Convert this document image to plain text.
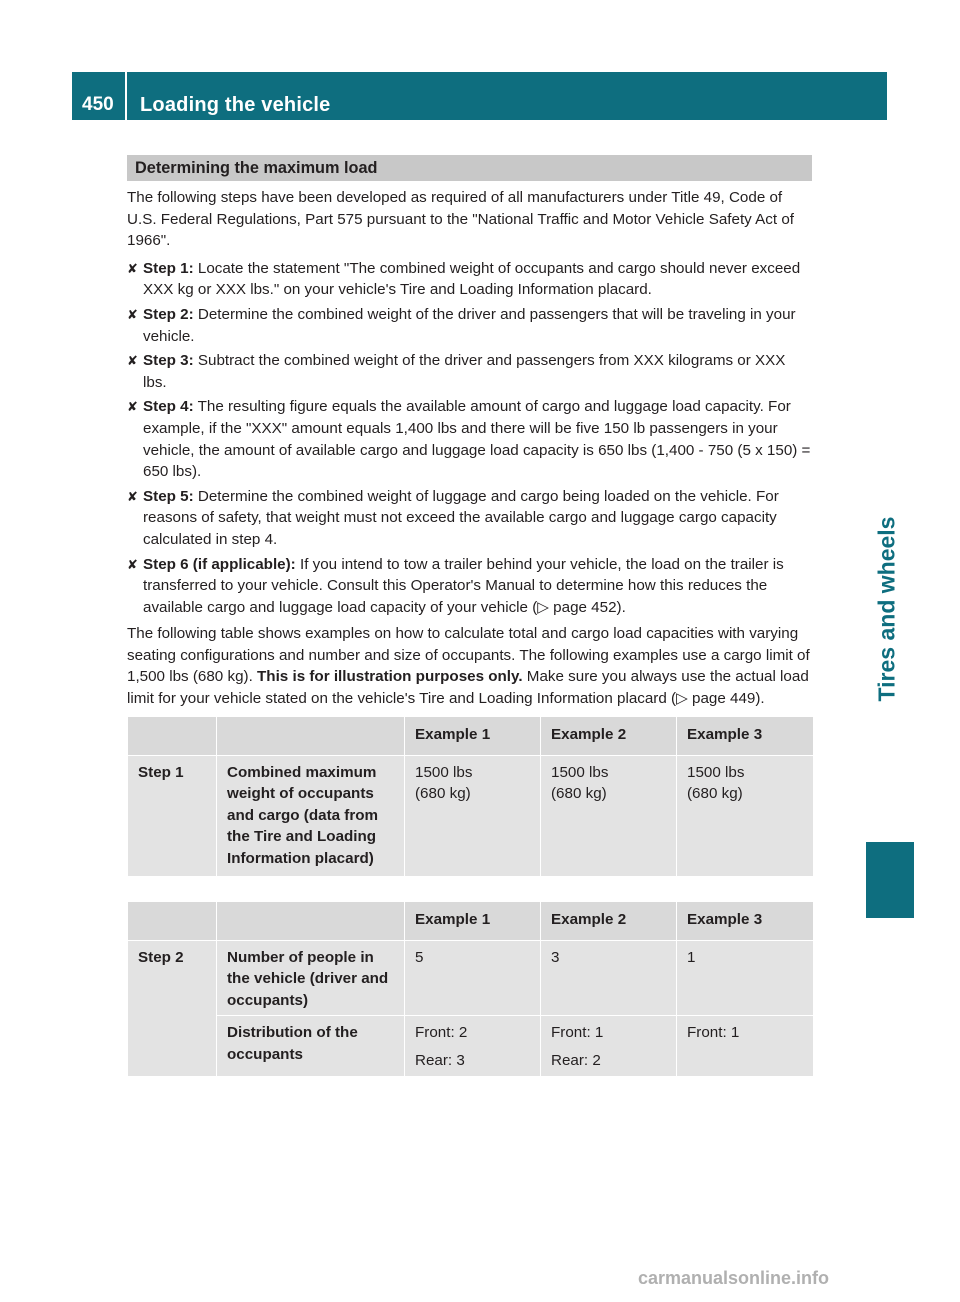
450 Loading the vehicle
Tires and wheels
Determining the maximum load

The following steps have been developed as required of all manufacturers under Title 49, Code of U.S. Federal Regulations, Part 575 pursuant to the "National Traffic and Motor Vehicle Safety Act of 1966".

✘ Step 1: Locate the statement "The combined weight of occupants and cargo should never exceed XXX kg or XXX lbs." on your vehicle's Tire and Loading Information placard.
✘ Step 2: Determine the combined weight of the driver and passengers that will be traveling in your vehicle.
✘ Step 3: Subtract the combined weight of the driver and passengers from XXX kilograms or XXX lbs.
✘ Step 4: The resulting figure equals the available amount of cargo and luggage load capacity. For example, if the "XXX" amount equals 1,400 lbs and there will be five 150 lb passengers in your vehicle, the amount of available cargo and luggage load capacity is 650 lbs (1,400 - 750 (5 x 150) = 650 lbs).
✘ Step 5: Determine the combined weight of luggage and cargo being loaded on the vehicle. For reasons of safety, that weight must not exceed the available cargo and luggage cargo capacity calculated in step 4.
✘ Step 6 (if applicable): If you intend to tow a trailer behind your vehicle, the load on the trailer is transferred to your vehicle. Consult this Operator's Manual to determine how this reduces the available cargo and luggage load capacity of your vehicle (▷ page 452).

The following table shows examples on how to calculate total and cargo load capacities with varying seating configurations and number and size of occupants. The following examples use a cargo limit of 1,500 lbs (680 kg). This is for illustration purposes only. Make sure you always use the actual load limit for your vehicle stated on the vehicle's Tire and Loading Information placard (▷ page 449).

		Example 1	Example 2	Example 3
Step 1	Combined maximum weight of occupants and cargo (data from the Tire and Loading Information placard)	1500 lbs
(680 kg)	1500 lbs
(680 kg)	1500 lbs
(680 kg)
		Example 1	Example 2	Example 3
Step 2	Number of people in the vehicle (driver and occupants)	5	3	1
	Distribution of the occupants	Front: 2
Rear: 3	Front: 1
Rear: 2	Front: 1
carmanualsonline.info
